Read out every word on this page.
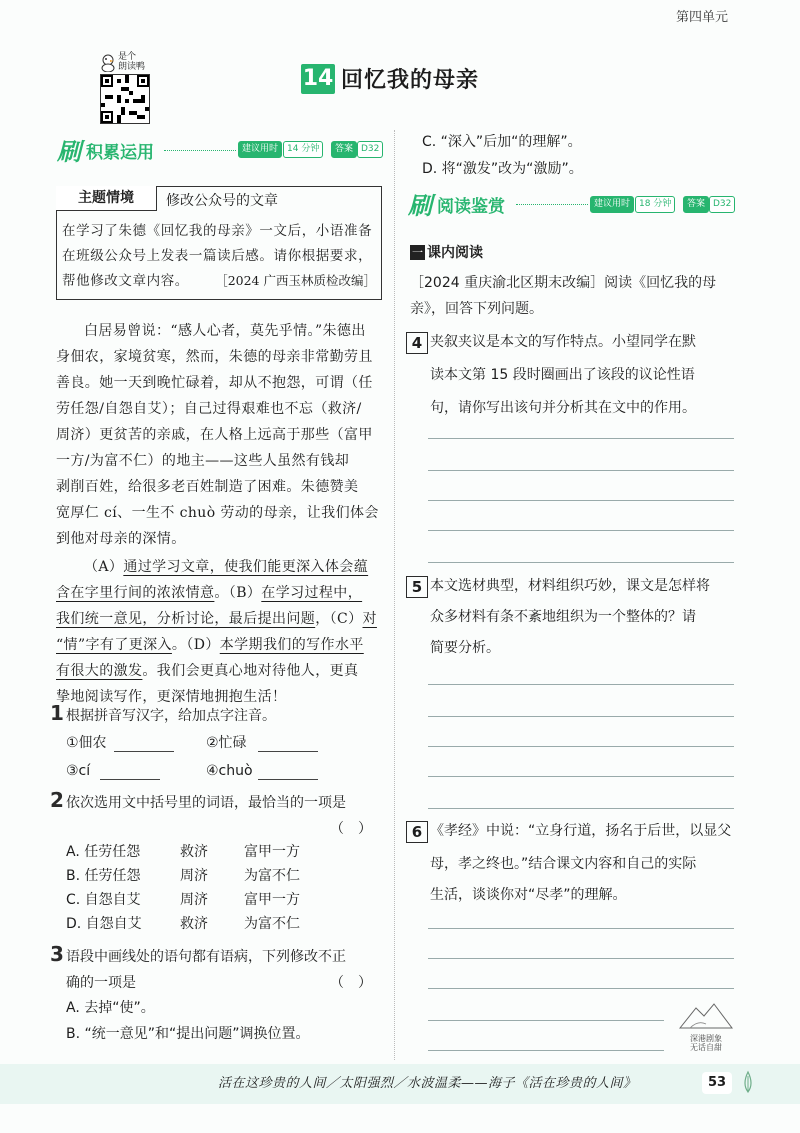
第四单元
是个
朗读鸭	14 回忆我的母亲
刷 积累运用	建议用时 14 分钟	答案 D32
主题情境	修改公众号的文章
在学习了朱德《回忆我的母亲》一文后，小语准备在班级公众号上发表一篇读后感。请你根据要求，帮他修改文章内容。	［2024 广西玉林质检改编］
白居易曾说：“感人心者，莫先乎情。”朱德出
身佃农，家境贫寒，然而，朱德的母亲非常勤劳且
善良。她一天到晚忙碌着，却从不抱怨，可谓（任
劳任怨/自怨自艾）；自己过得艰难也不忘（救济/
周济）更贫苦的亲戚，在人格上远高于那些（富甲
一方/为富不仁）的地主——这些人虽然有钱却
剥削百姓，给很多老百姓制造了困难。朱德赞美
宽厚仁 cí、一生不 chuò 劳动的母亲，让我们体会
到他对母亲的深情。
（A）通过学习文章，使我们能更深入体会蕴
含在字里行间的浓浓情意。（B）在学习过程中，
我们统一意见，分析讨论，最后提出问题，（C）对
“情”字有了更深入。（D）本学期我们的写作水平
有很大的激发。我们会更真心地对待他人，更真
挚地阅读写作，更深情地拥抱生活！
1 根据拼音写汉字，给加点字注音。
①佃农	②忙碌
③cí	④chuò
2 依次选用文中括号里的词语，最恰当的一项是
（　）
A. 任劳任怨	救济	富甲一方
B. 任劳任怨	周济	为富不仁
C. 自怨自艾	周济	富甲一方
D. 自怨自艾	救济	为富不仁
3 语段中画线处的语句都有语病，下列修改不正
确的一项是	（　）
A. 去掉“使”。
B. “统一意见”和“提出问题”调换位置。
C. “深入”后加“的理解”。
D. 将“激发”改为“激励”。
刷 阅读鉴赏	建议用时 18 分钟	答案 D32
一 课内阅读
［2024 重庆渝北区期末改编］阅读《回忆我的母
亲》，回答下列问题。
4 夹叙夹议是本文的写作特点。小望同学在默
读本文第 15 段时圈画出了该段的议论性语
句，请你写出该句并分析其在文中的作用。
5 本文选材典型，材料组织巧妙，课文是怎样将
众多材料有条不紊地组织为一个整体的？请
简要分析。
6 《孝经》中说：“立身行道，扬名于后世，以显父
母，孝之终也。”结合课文内容和自己的实际
生活，谈谈你对“尽孝”的理解。
深港剧象
无话自甜
活在这珍贵的人间／太阳强烈／水波温柔——海子《活在珍贵的人间》	53
